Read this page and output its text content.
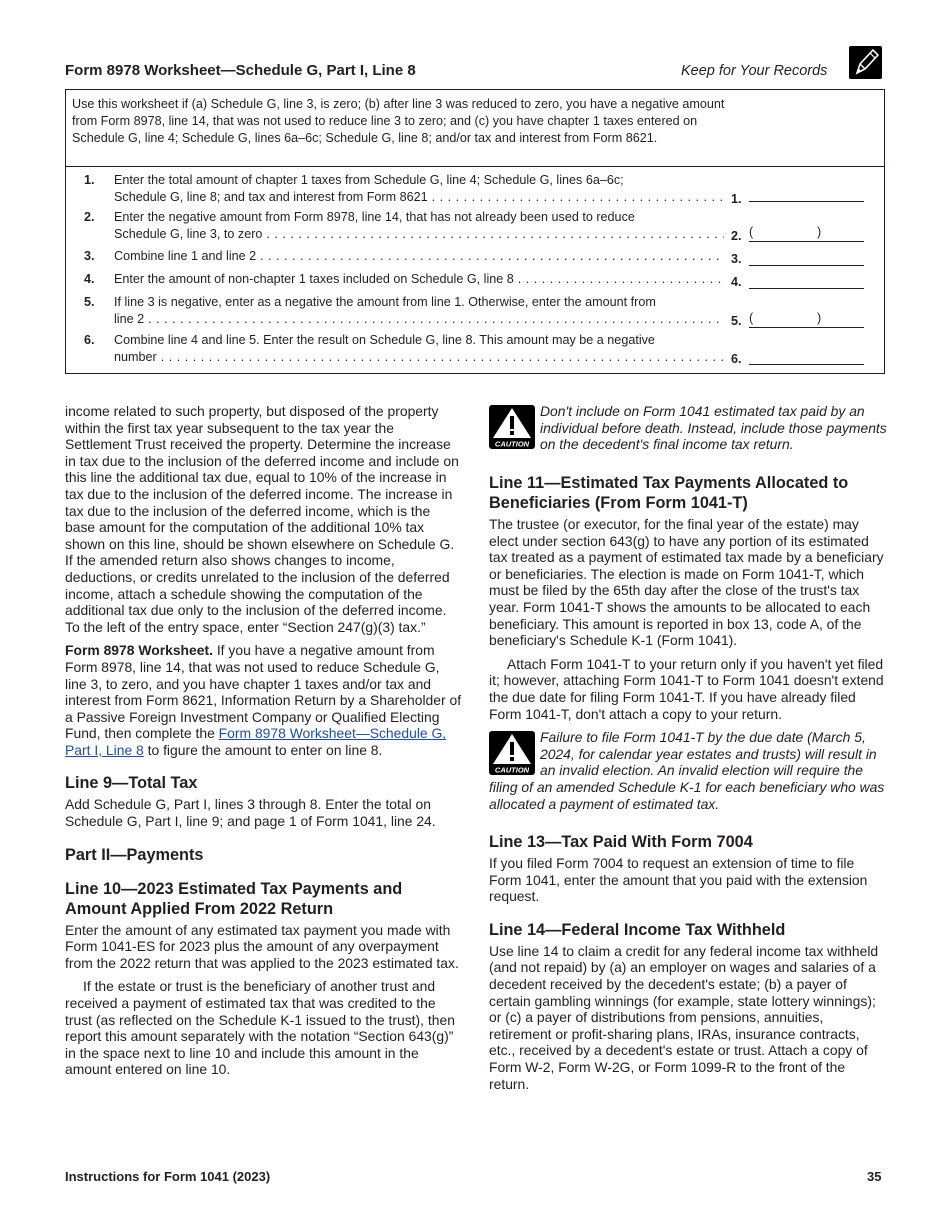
Form 8978 Worksheet—Schedule G, Part I, Line 8	Keep for Your Records
Use this worksheet if (a) Schedule G, line 3, is zero; (b) after line 3 was reduced to zero, you have a negative amount from Form 8978, line 14, that was not used to reduce line 3 to zero; and (c) you have chapter 1 taxes entered on Schedule G, line 4; Schedule G, lines 6a–6c; Schedule G, line 8; and/or tax and interest from Form 8621.
1. Enter the total amount of chapter 1 taxes from Schedule G, line 4; Schedule G, lines 6a–6c;
Schedule G, line 8; and tax and interest from Form 8621 . . .	1.
2. Enter the negative amount from Form 8978, line 14, that has not already been used to reduce
Schedule G, line 3, to zero . . .	2. (	)
3. Combine line 1 and line 2 . . .	3.
4. Enter the amount of non-chapter 1 taxes included on Schedule G, line 8 . . .	4.
5. If line 3 is negative, enter as a negative the amount from line 1. Otherwise, enter the amount from
line 2 . . .	5. (	)
6. Combine line 4 and line 5. Enter the result on Schedule G, line 8. This amount may be a negative
number . . .	6.

income related to such property, but disposed of the property within the first tax year subsequent to the tax year the Settlement Trust received the property. Determine the increase in tax due to the inclusion of the deferred income and include on this line the additional tax due, equal to 10% of the increase in tax due to the inclusion of the deferred income. The increase in tax due to the inclusion of the deferred income, which is the base amount for the computation of the additional 10% tax shown on this line, should be shown elsewhere on Schedule G. If the amended return also shows changes to income, deductions, or credits unrelated to the inclusion of the deferred income, attach a schedule showing the computation of the additional tax due only to the inclusion of the deferred income. To the left of the entry space, enter “Section 247(g)(3) tax.”

Form 8978 Worksheet. If you have a negative amount from Form 8978, line 14, that was not used to reduce Schedule G, line 3, to zero, and you have chapter 1 taxes and/or tax and interest from Form 8621, Information Return by a Shareholder of a Passive Foreign Investment Company or Qualified Electing Fund, then complete the Form 8978 Worksheet—Schedule G, Part I, Line 8 to figure the amount to enter on line 8.

Line 9—Total Tax

Add Schedule G, Part I, lines 3 through 8. Enter the total on Schedule G, Part I, line 9; and page 1 of Form 1041, line 24.

Part II—Payments
Line 10—2023 Estimated Tax Payments and Amount Applied From 2022 Return

Enter the amount of any estimated tax payment you made with Form 1041-ES for 2023 plus the amount of any overpayment from the 2022 return that was applied to the 2023 estimated tax.

If the estate or trust is the beneficiary of another trust and received a payment of estimated tax that was credited to the trust (as reflected on the Schedule K-1 issued to the trust), then report this amount separately with the notation “Section 643(g)” in the space next to line 10 and include this amount in the amount entered on line 10.

CAUTION
Don't include on Form 1041 estimated tax paid by an individual before death. Instead, include those payments on the decedent's final income tax return.
Line 11—Estimated Tax Payments Allocated to Beneficiaries (From Form 1041-T)

The trustee (or executor, for the final year of the estate) may elect under section 643(g) to have any portion of its estimated tax treated as a payment of estimated tax made by a beneficiary or beneficiaries. The election is made on Form 1041-T, which must be filed by the 65th day after the close of the trust's tax year. Form 1041-T shows the amounts to be allocated to each beneficiary. This amount is reported in box 13, code A, of the beneficiary's Schedule K-1 (Form 1041).

Attach Form 1041-T to your return only if you haven't yet filed it; however, attaching Form 1041-T to Form 1041 doesn't extend the due date for filing Form 1041-T. If you have already filed Form 1041-T, don't attach a copy to your return.

CAUTION
Failure to file Form 1041-T by the due date (March 5, 2024, for calendar year estates and trusts) will result in an invalid election. An invalid election will require the filing of an amended Schedule K-1 for each beneficiary who was allocated a payment of estimated tax.
Line 13—Tax Paid With Form 7004

If you filed Form 7004 to request an extension of time to file Form 1041, enter the amount that you paid with the extension request.

Line 14—Federal Income Tax Withheld

Use line 14 to claim a credit for any federal income tax withheld (and not repaid) by (a) an employer on wages and salaries of a decedent received by the decedent's estate; (b) a payer of certain gambling winnings (for example, state lottery winnings); or (c) a payer of distributions from pensions, annuities, retirement or profit-sharing plans, IRAs, insurance contracts, etc., received by a decedent's estate or trust. Attach a copy of Form W-2, Form W-2G, or Form 1099-R to the front of the return.

Instructions for Form 1041 (2023)	35
